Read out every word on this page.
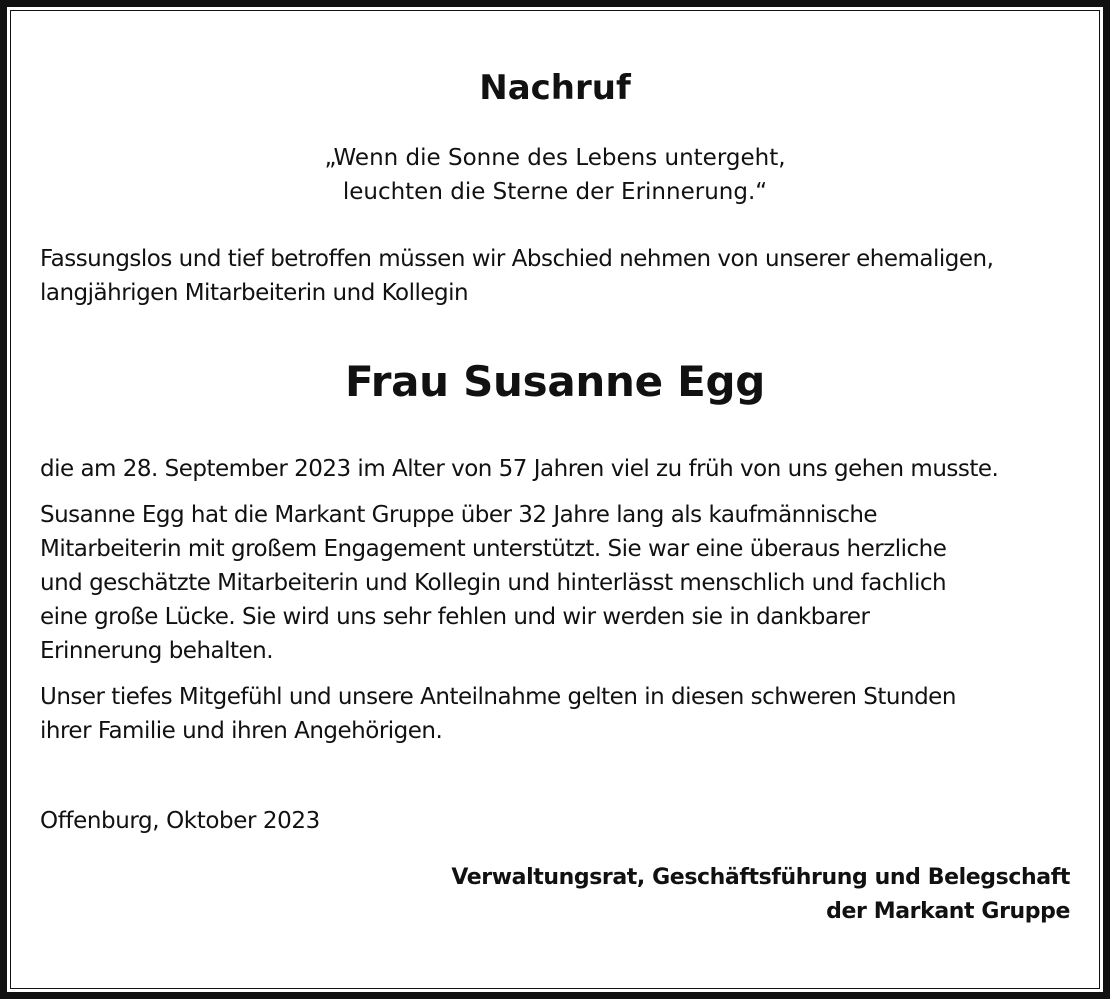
Nachruf
„Wenn die Sonne des Lebens untergeht,
leuchten die Sterne der Erinnerung.“
Fassungslos und tief betroffen müssen wir Abschied nehmen von unserer ehemaligen,
langjährigen Mitarbeiterin und Kollegin
Frau Susanne Egg
die am 28. September 2023 im Alter von 57 Jahren viel zu früh von uns gehen musste.
Susanne Egg hat die Markant Gruppe über 32 Jahre lang als kaufmännische
Mitarbeiterin mit großem Engagement unterstützt. Sie war eine überaus herzliche
und geschätzte Mitarbeiterin und Kollegin und hinterlässt menschlich und fachlich
eine große Lücke. Sie wird uns sehr fehlen und wir werden sie in dankbarer
Erinnerung behalten.
Unser tiefes Mitgefühl und unsere Anteilnahme gelten in diesen schweren Stunden
ihrer Familie und ihren Angehörigen.
Offenburg, Oktober 2023
Verwaltungsrat, Geschäftsführung und Belegschaft
der Markant Gruppe
